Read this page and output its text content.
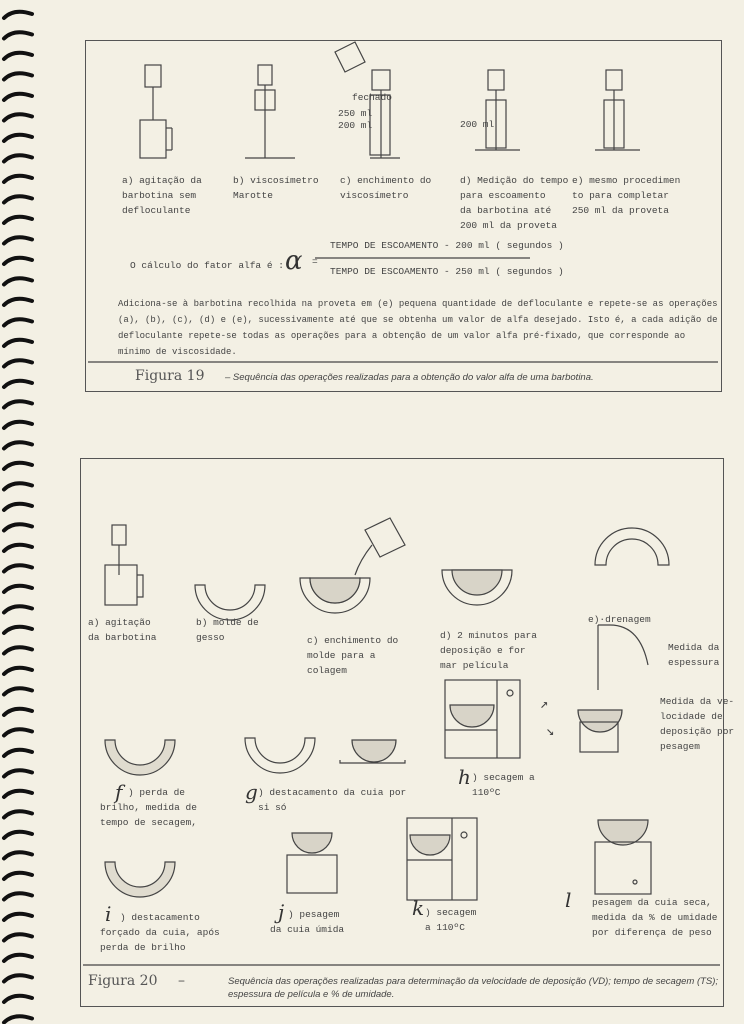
fechado
250 ml
200 ml	200 ml
a) agitação da
barbotina sem
defloculante
b) viscosímetro
Marotte
c) enchimento do
viscosímetro
d) Medição do tempo
para escoamento
da barbotina até
200 ml da proveta
e) mesmo procedimen
to para completar
250 ml da proveta
O cálculo do fator alfa é : α =
TEMPO DE ESCOAMENTO - 200 ml ( segundos )
TEMPO DE ESCOAMENTO - 250 ml ( segundos )
Adiciona-se à barbotina recolhida na proveta em (e) pequena quantidade de defloculante e repete-se as operações (a), (b), (c), (d) e (e), sucessivamente até que se obtenha um valor de alfa desejado. Isto é, a cada adição de defloculante repete-se todas as operações para a obtenção de um valor alfa pré-fixado, que corresponde ao mínimo de viscosidade.
Figura 19 – Sequência das operações realizadas para a obtenção do valor alfa de uma barbotina.
↗
↘
a) agitação
da barbotina
b) molde de
gesso	c) enchimento do
molde para a
colagem
d) 2 minutos para
deposição e for
mar película
e)·drenagem
Medida da
espessura
Medida da ve-
locidade de
deposição por
pesagem
f ) perda de
brilho, medida de
tempo de secagem,
g ) destacamento da cuia por
si só
h ) secagem a
110ºC
i ) destacamento
forçado da cuia, após
perda de brilho
j ) pesagem
da cuia úmida
k ) secagem
a 110ºC
l pesagem da cuia seca,
medida da % de umidade
por diferença de peso
Figura 20 –	Sequência das operações realizadas para determinação da velocidade de deposição (VD); tempo de secagem (TS);
espessura de película e % de umidade.
